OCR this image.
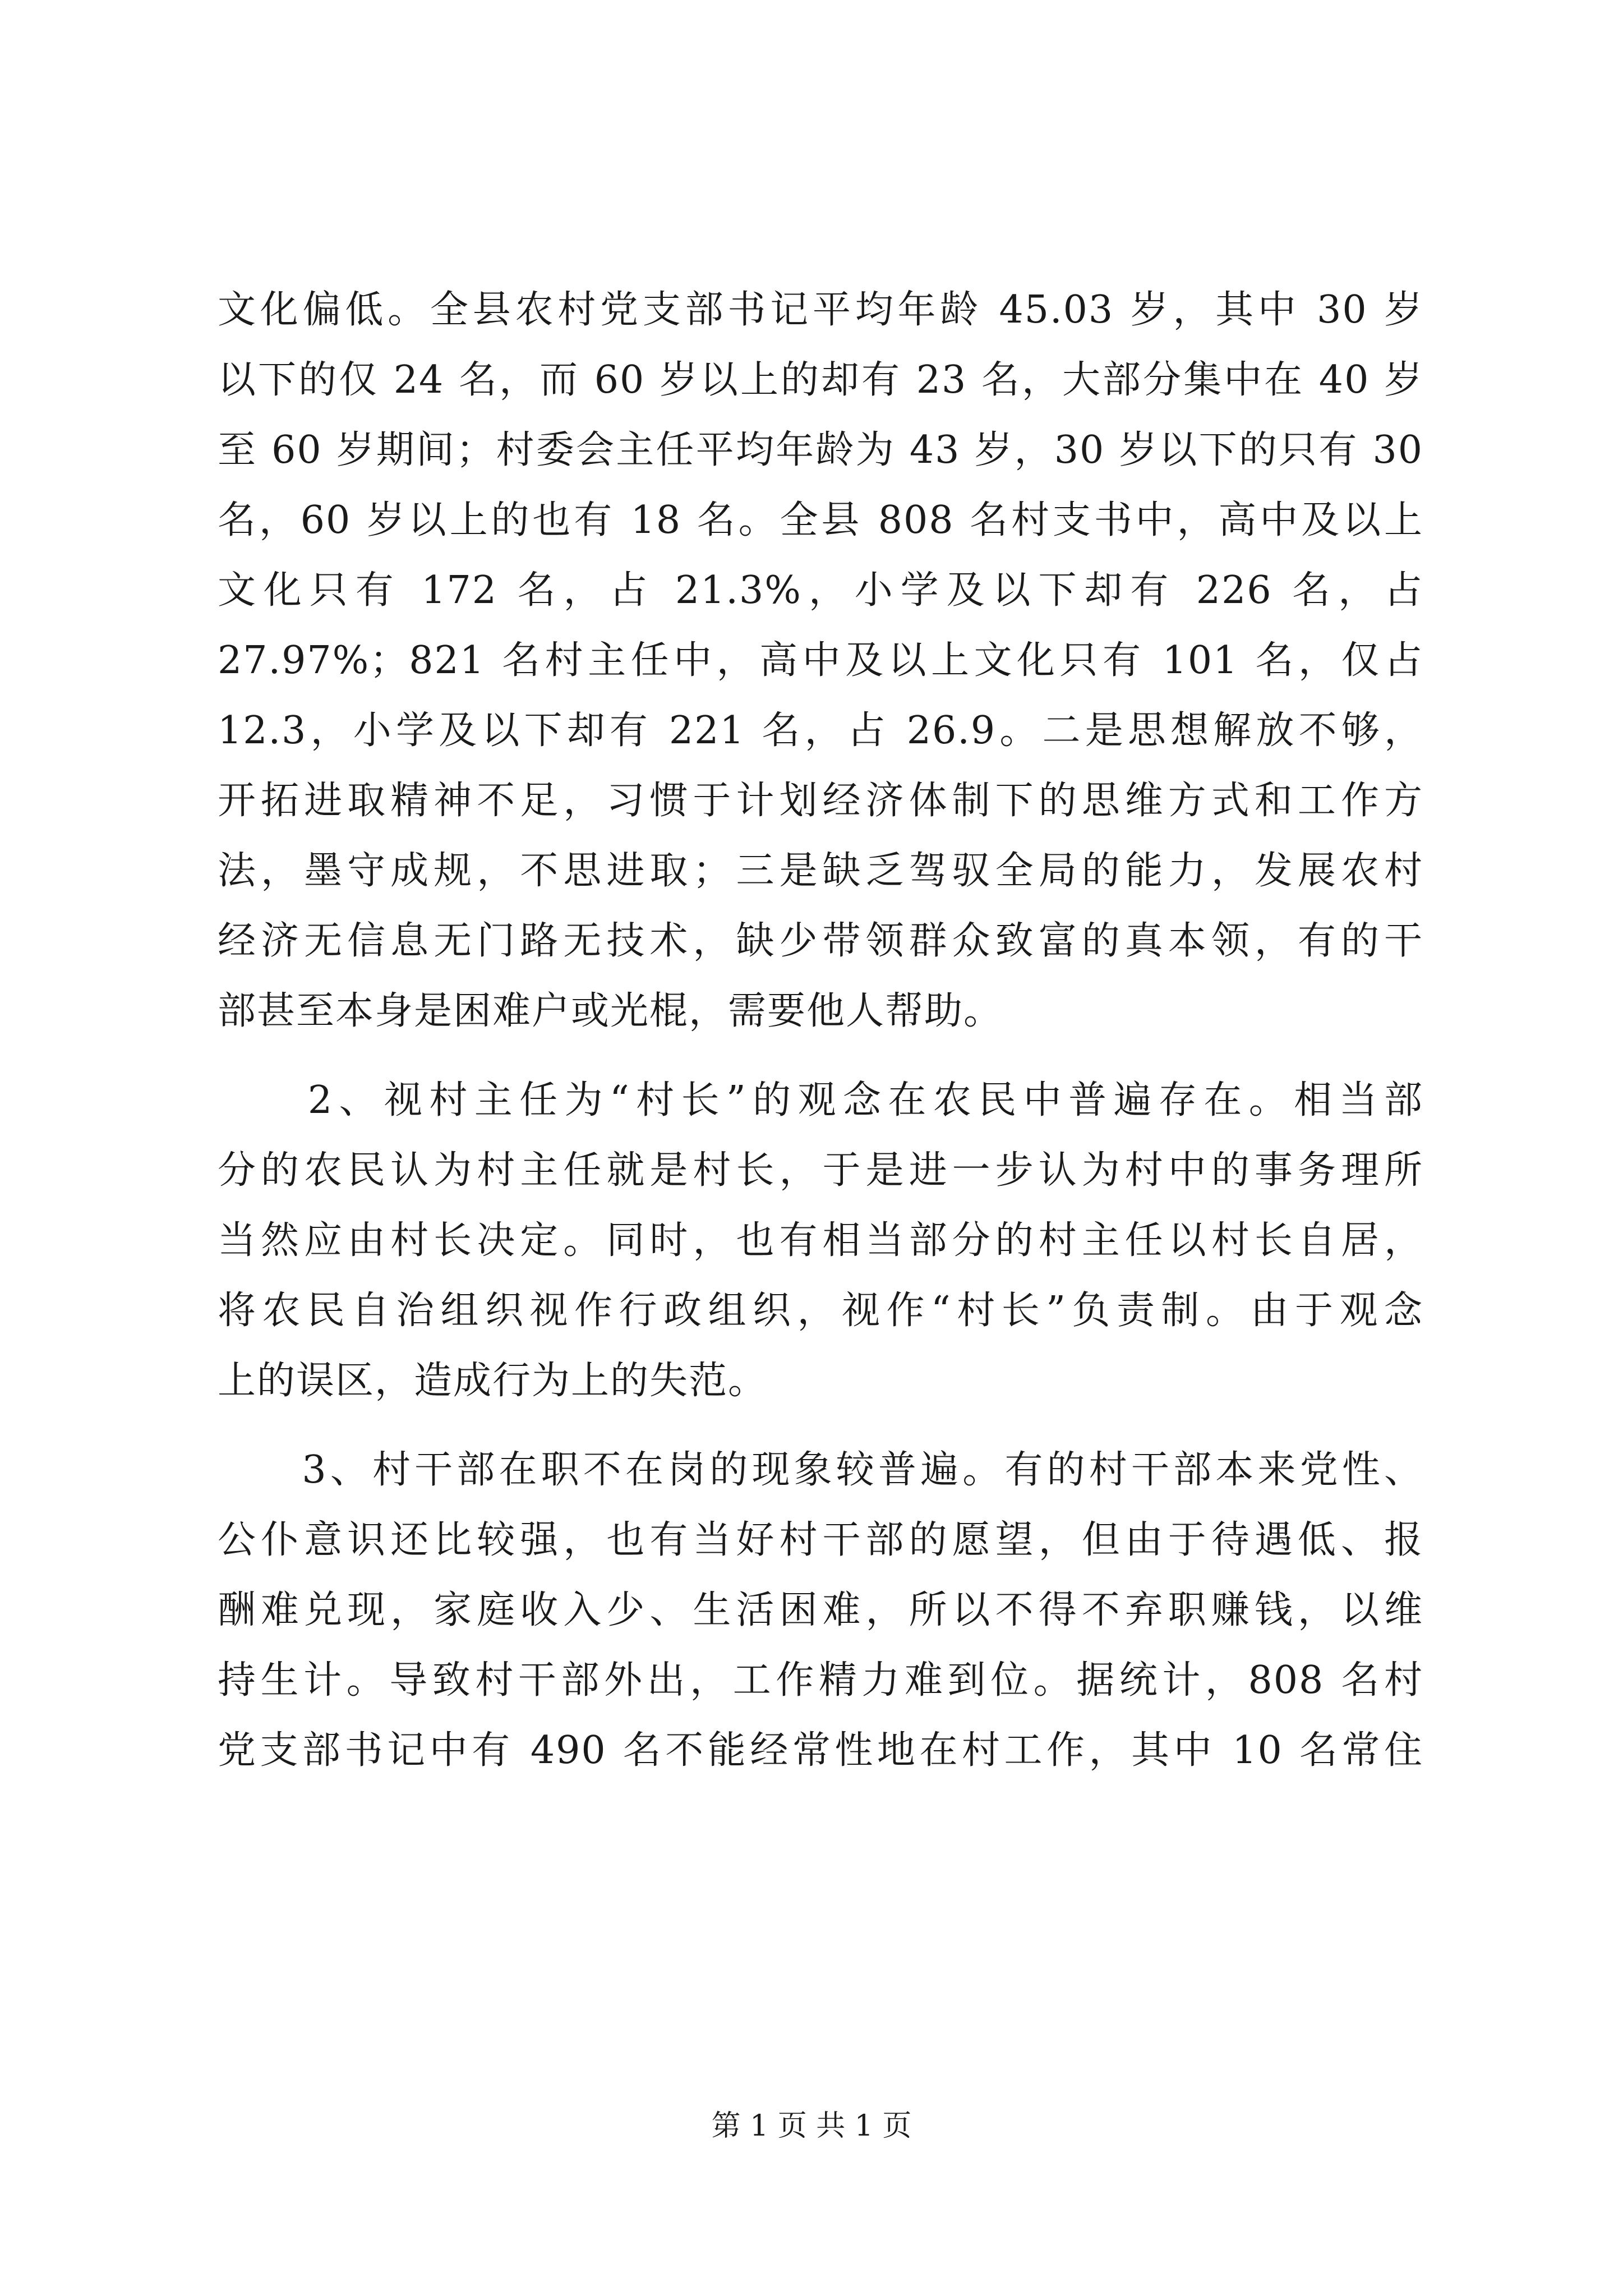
文化偏低。全县农村党支部书记平均年龄 45.03 岁，其中 30 岁
以下的仅 24 名，而 60 岁以上的却有 23 名，大部分集中在 40 岁
至 60 岁期间；村委会主任平均年龄为 43 岁，30 岁以下的只有 30
名，60 岁以上的也有 18 名。全县 808 名村支书中，高中及以上
文化只有 172 名，占 21.3%，小学及以下却有 226 名，占
27.97%；821 名村主任中，高中及以上文化只有 101 名，仅占
12.3，小学及以下却有 221 名，占 26.9。二是思想解放不够，
开拓进取精神不足，习惯于计划经济体制下的思维方式和工作方
法，墨守成规，不思进取；三是缺乏驾驭全局的能力，发展农村
经济无信息无门路无技术，缺少带领群众致富的真本领，有的干
部甚至本身是困难户或光棍，需要他人帮助。
　　2、视村主任为“村长”的观念在农民中普遍存在。相当部
分的农民认为村主任就是村长，于是进一步认为村中的事务理所
当然应由村长决定。同时，也有相当部分的村主任以村长自居，
将农民自治组织视作行政组织，视作“村长”负责制。由于观念
上的误区，造成行为上的失范。
　　3、村干部在职不在岗的现象较普遍。有的村干部本来党性、
公仆意识还比较强，也有当好村干部的愿望，但由于待遇低、报
酬难兑现，家庭收入少、生活困难，所以不得不弃职赚钱，以维
持生计。导致村干部外出，工作精力难到位。据统计，808 名村
党支部书记中有 490 名不能经常性地在村工作，其中 10 名常住
第 1 页 共 1 页
